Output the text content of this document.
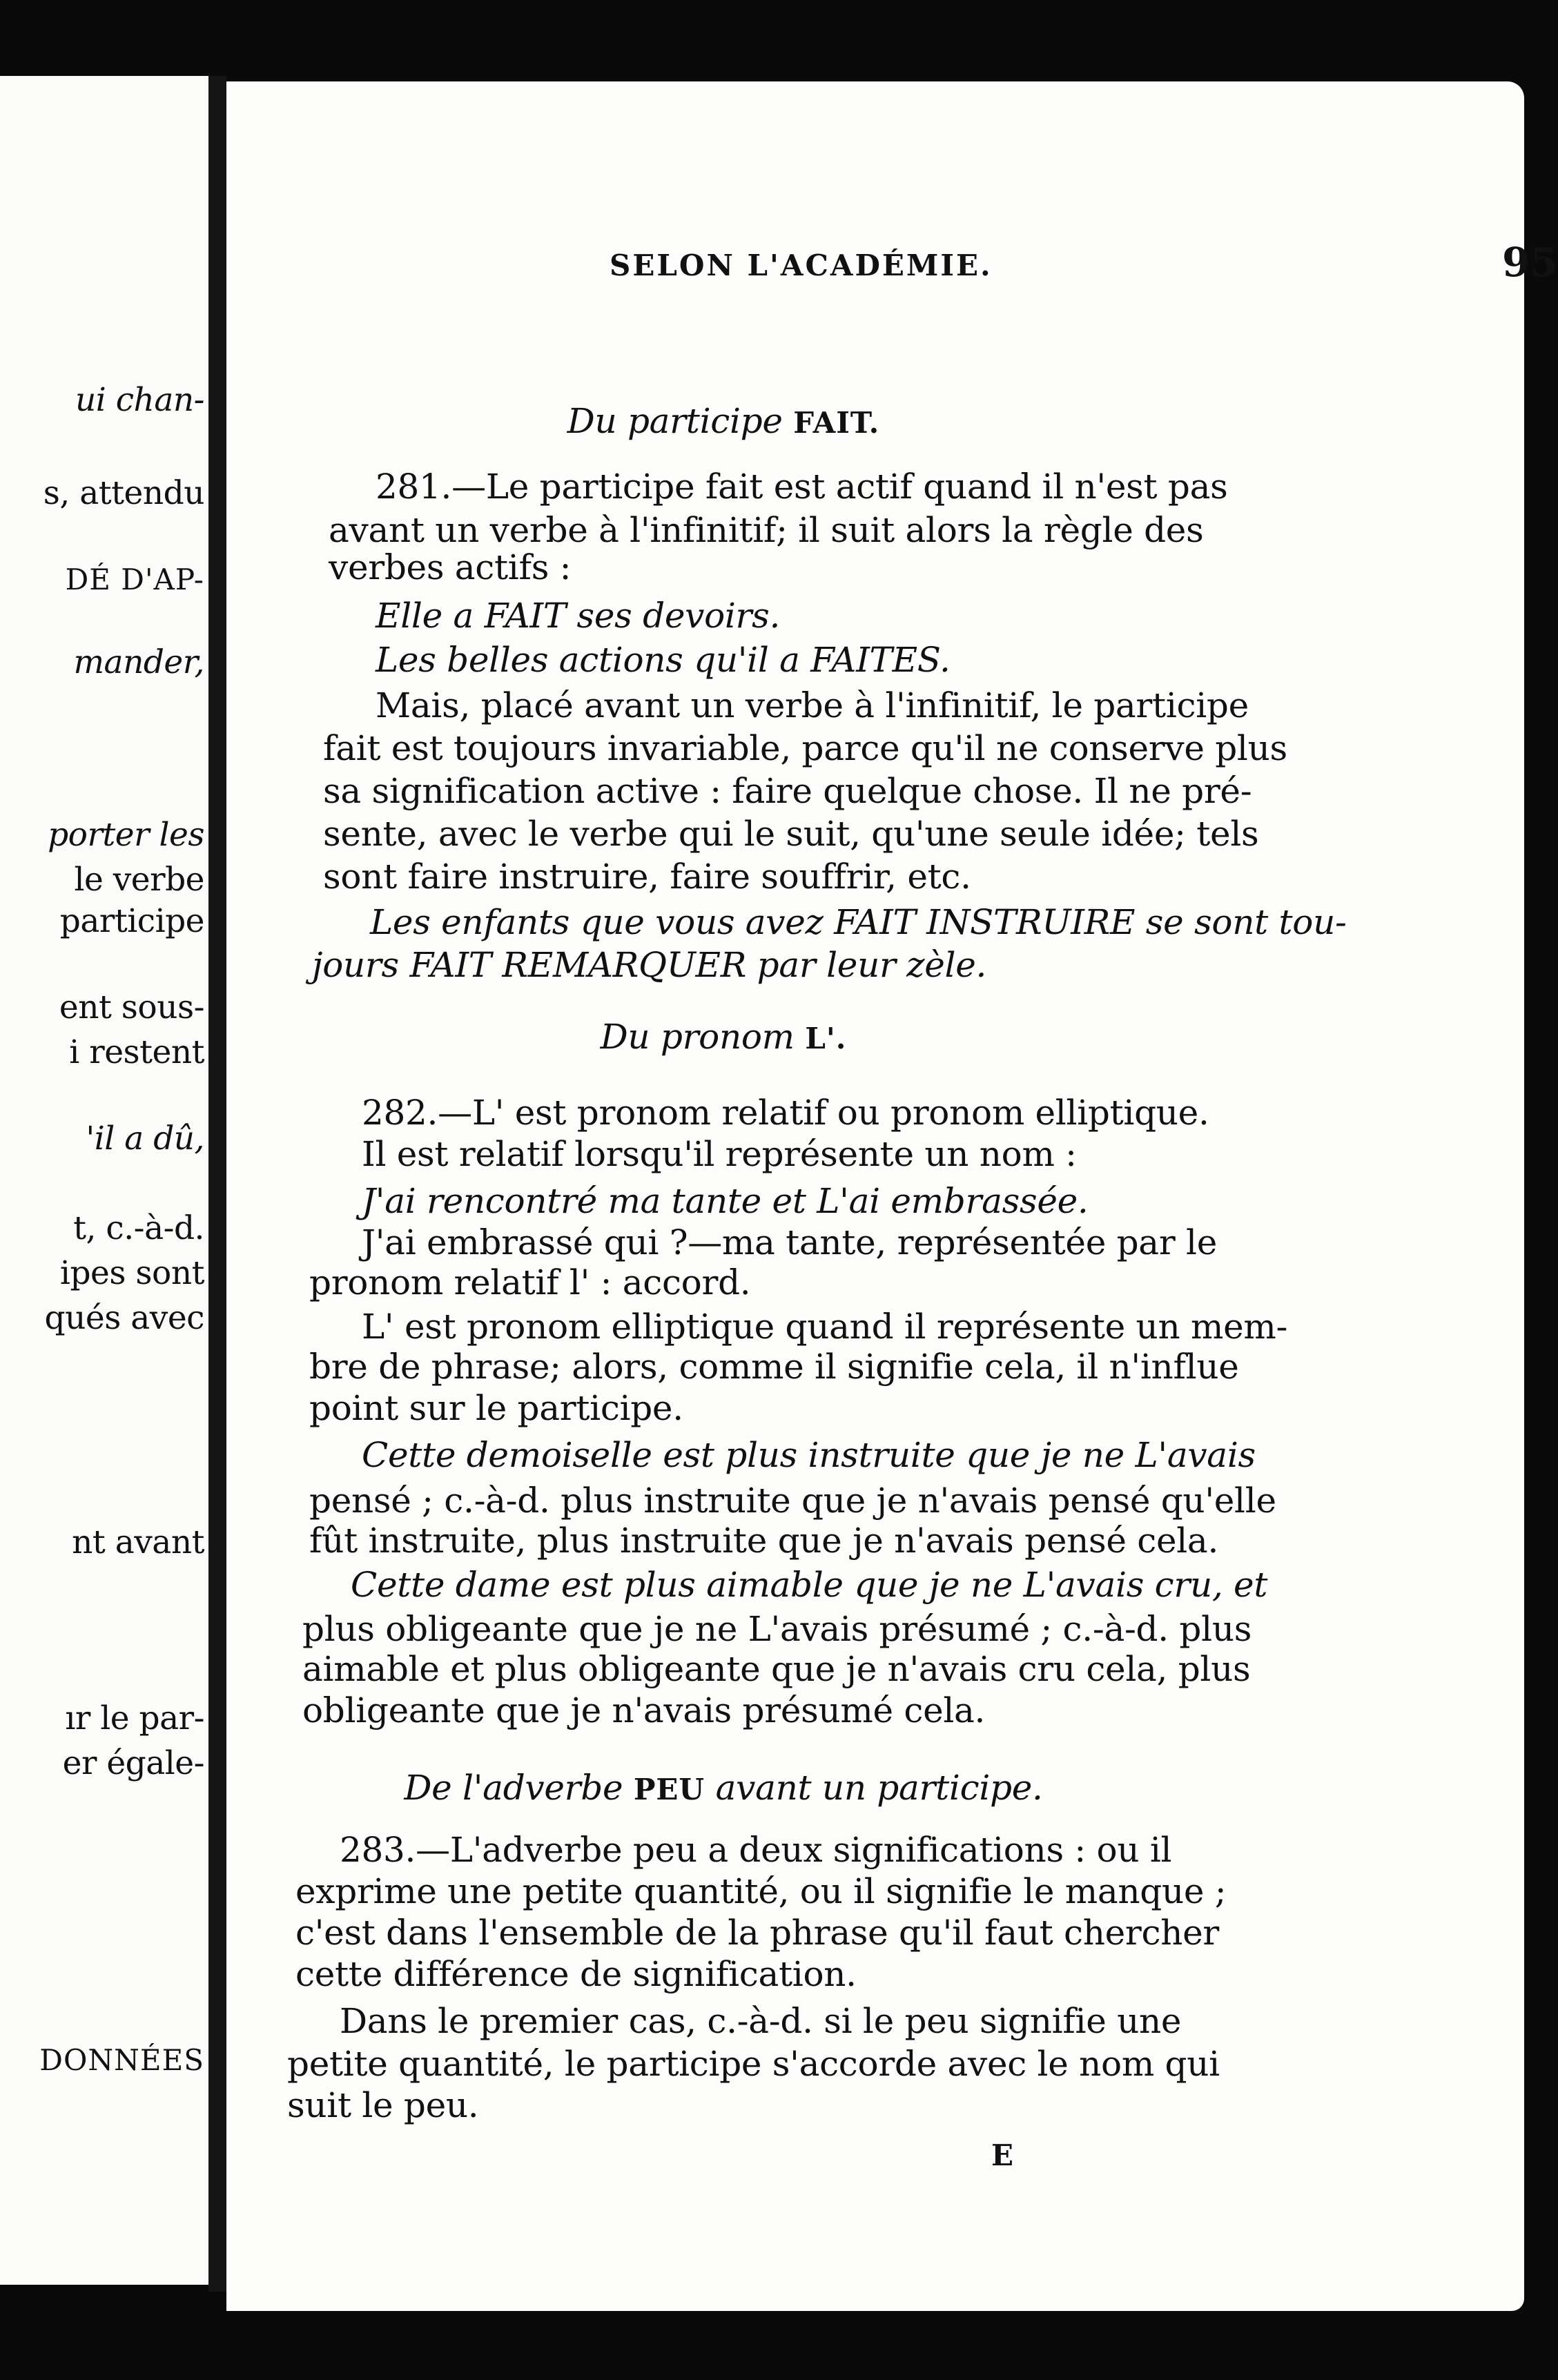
ui chan-
s, attendu
DÉ D'AP-
mander,
porter les
le verbe
participe
ent sous-
i restent
'il a dû,
t, c.-à-d.
ipes sont
qués avec
nt avant
ır le par-
er égale-
DONNÉES
SELON L'ACADÉMIE.	95
Du participe FAIT.
281.—Le participe fait est actif quand il n'est pas
avant un verbe à l'infinitif; il suit alors la règle des
verbes actifs :
Elle a FAIT ses devoirs.
Les belles actions qu'il a FAITES.
Mais, placé avant un verbe à l'infinitif, le participe
fait est toujours invariable, parce qu'il ne conserve plus
sa signification active : faire quelque chose. Il ne pré-
sente, avec le verbe qui le suit, qu'une seule idée; tels
sont faire instruire, faire souffrir, etc.
Les enfants que vous avez FAIT INSTRUIRE se sont tou-
jours FAIT REMARQUER par leur zèle.
Du pronom L'.
282.—L' est pronom relatif ou pronom elliptique.
Il est relatif lorsqu'il représente un nom :
J'ai rencontré ma tante et L'ai embrassée.
J'ai embrassé qui ?—ma tante, représentée par le
pronom relatif l' : accord.
L' est pronom elliptique quand il représente un mem-
bre de phrase; alors, comme il signifie cela, il n'influe
point sur le participe.
Cette demoiselle est plus instruite que je ne L'avais
pensé ; c.-à-d. plus instruite que je n'avais pensé qu'elle
fût instruite, plus instruite que je n'avais pensé cela.
Cette dame est plus aimable que je ne L'avais cru, et
plus obligeante que je ne L'avais présumé ; c.-à-d. plus
aimable et plus obligeante que je n'avais cru cela, plus
obligeante que je n'avais présumé cela.
De l'adverbe PEU avant un participe.
283.—L'adverbe peu a deux significations : ou il
exprime une petite quantité, ou il signifie le manque ;
c'est dans l'ensemble de la phrase qu'il faut chercher
cette différence de signification.
Dans le premier cas, c.-à-d. si le peu signifie une
petite quantité, le participe s'accorde avec le nom qui
suit le peu.
E
